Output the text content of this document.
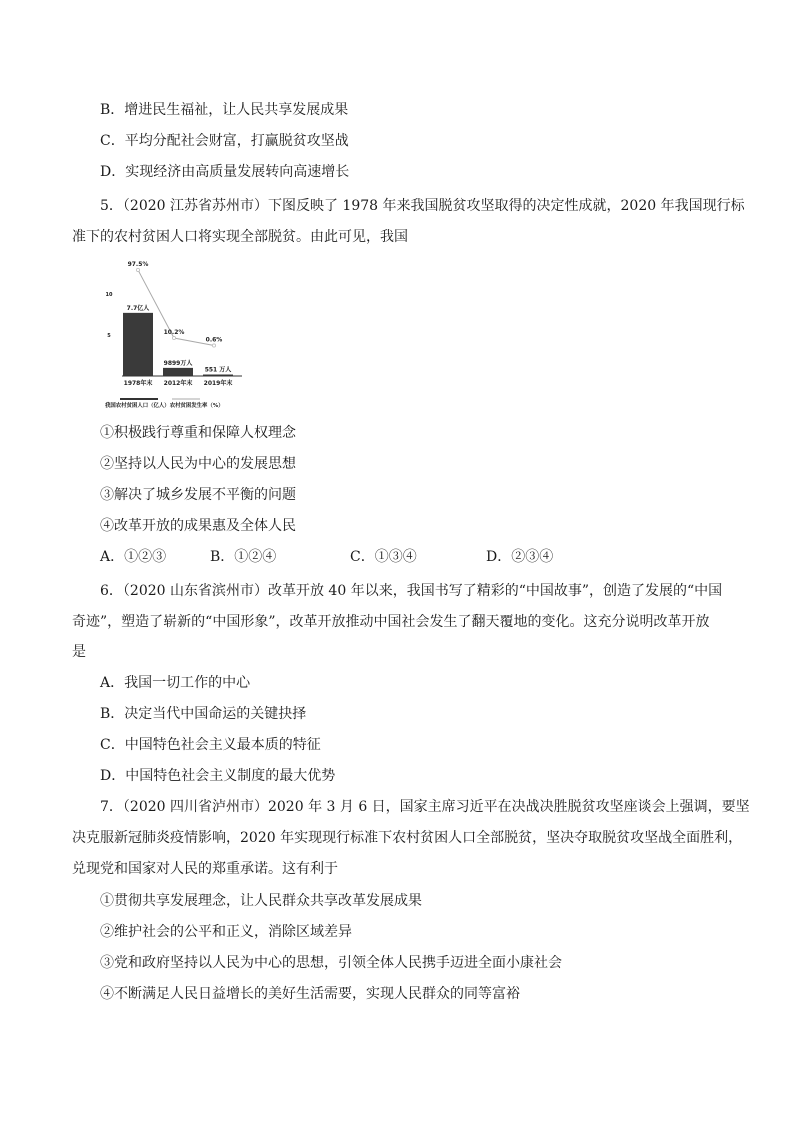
B．增进民生福祉，让人民共享发展成果
C．平均分配社会财富，打赢脱贫攻坚战
D．实现经济由高质量发展转向高速增长
5．（2020 江苏省苏州市）下图反映了 1978 年来我国脱贫攻坚取得的决定性成就，2020 年我国现行标
准下的农村贫困人口将实现全部脱贫。由此可见，我国
7.7亿人
1978年末
9899万人
2012年末
551 万人
2019年末
97.5%
10.2%
0.6%
10
5
我国农村贫困人口（亿人）农村贫困发生率（%）
①积极践行尊重和保障人权理念
②坚持以人民为中心的发展思想
③解决了城乡发展不平衡的问题
④改革开放的成果惠及全体人民
A．①②③	B．①②④	C．①③④	D．②③④
6．（2020 山东省滨州市）改革开放 40 年以来，我国书写了精彩的“中国故事”，创造了发展的“中国
奇迹”，塑造了崭新的“中国形象”，改革开放推动中国社会发生了翻天覆地的变化。这充分说明改革开放
是
A．我国一切工作的中心
B．决定当代中国命运的关键抉择
C．中国特色社会主义最本质的特征
D．中国特色社会主义制度的最大优势
7．（2020 四川省泸州市）2020 年 3 月 6 日，国家主席习近平在决战决胜脱贫攻坚座谈会上强调，要坚
决克服新冠肺炎疫情影响，2020 年实现现行标准下农村贫困人口全部脱贫，坚决夺取脱贫攻坚战全面胜利，
兑现党和国家对人民的郑重承诺。这有利于
①贯彻共享发展理念，让人民群众共享改革发展成果
②维护社会的公平和正义，消除区域差异
③党和政府坚持以人民为中心的思想，引领全体人民携手迈进全面小康社会
④不断满足人民日益增长的美好生活需要，实现人民群众的同等富裕
